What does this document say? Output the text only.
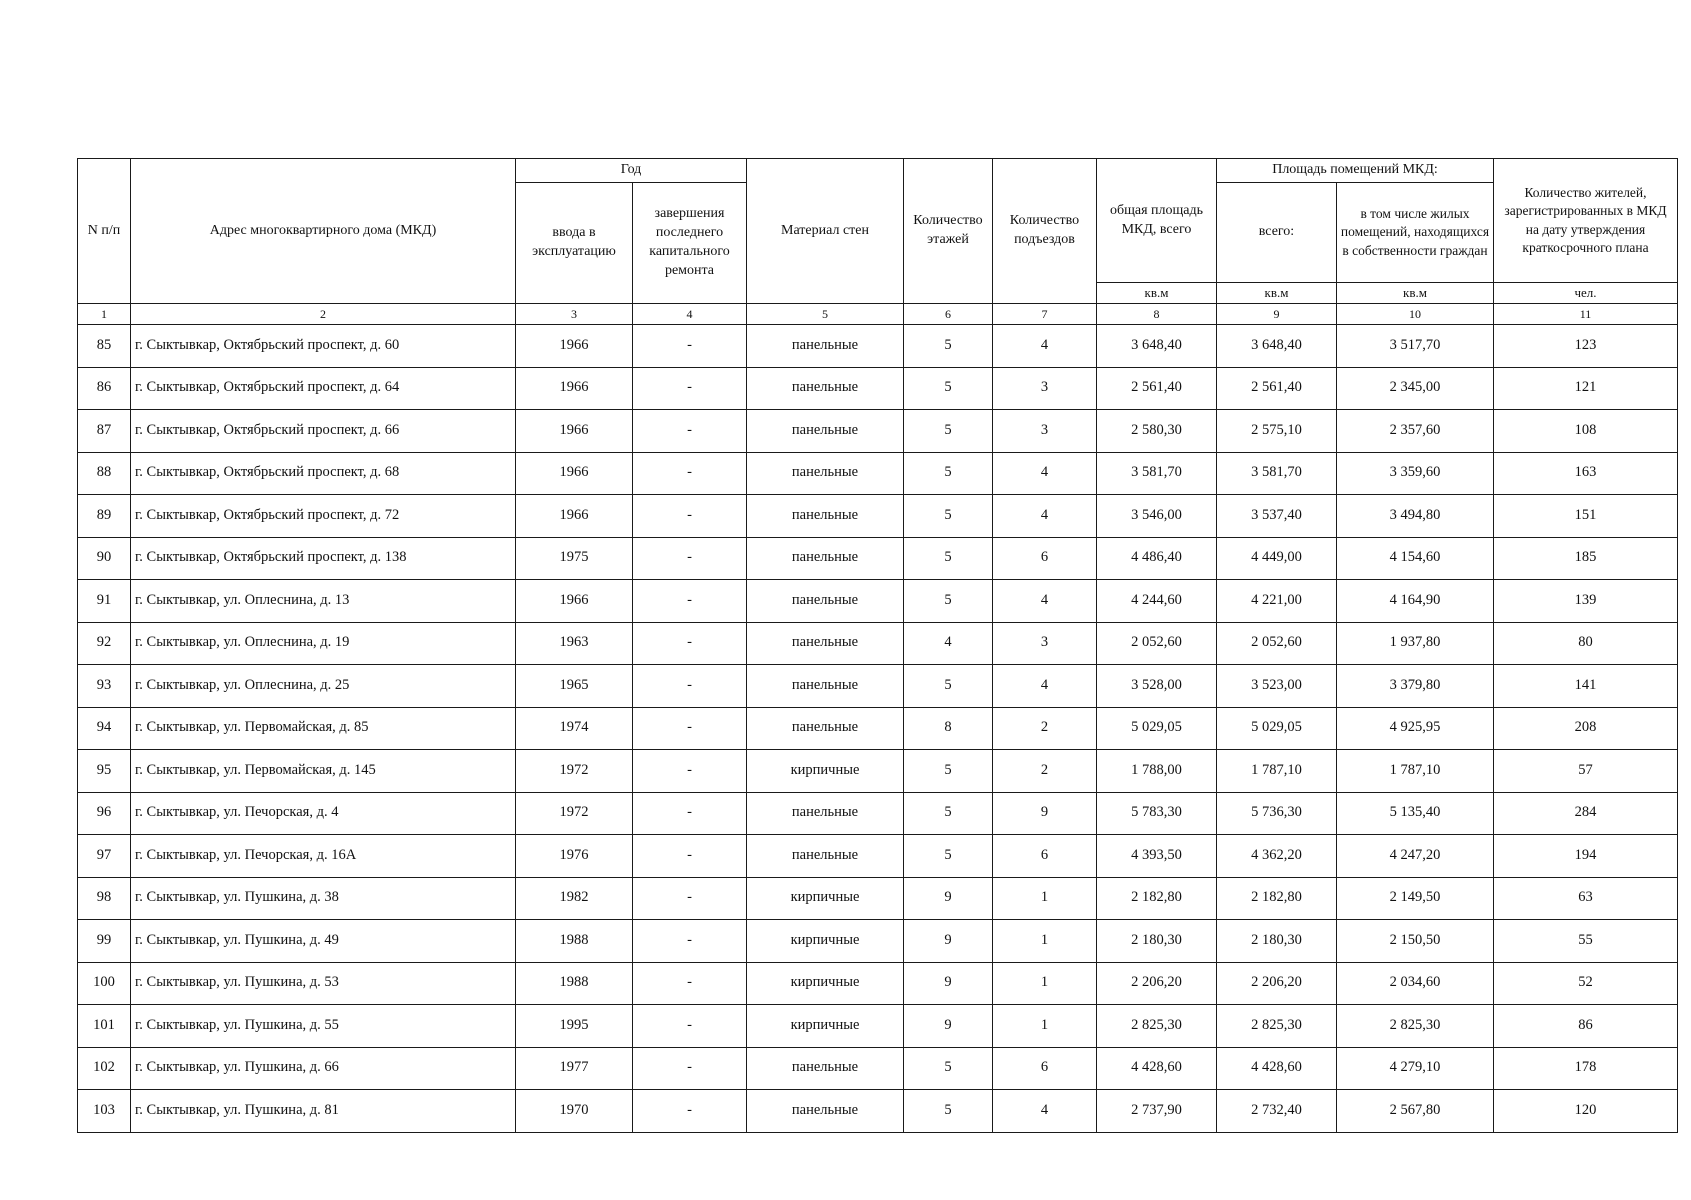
N п/п	Адрес многоквартирного дома (МКД)	Год		Материал стен	Количество этажей	Количество подъездов	общая площадь МКД, всего	Площадь помещений МКД:		Количество жителей, зарегистрированных в МКД на дату утверждения краткосрочного плана
		ввода в эксплуатацию	завершения последнего капитального ремонта					всего:	в том числе жилых помещений, находящихся в собственности граждан	
							кв.м	кв.м	кв.м	чел.
1	2	3	4	5	6	7	8	9	10	11
85	г. Сыктывкар, Октябрьский проспект, д. 60	1966	-	панельные	5	4	3 648,40	3 648,40	3 517,70	123
86	г. Сыктывкар, Октябрьский проспект, д. 64	1966	-	панельные	5	3	2 561,40	2 561,40	2 345,00	121
87	г. Сыктывкар, Октябрьский проспект, д. 66	1966	-	панельные	5	3	2 580,30	2 575,10	2 357,60	108
88	г. Сыктывкар, Октябрьский проспект, д. 68	1966	-	панельные	5	4	3 581,70	3 581,70	3 359,60	163
89	г. Сыктывкар, Октябрьский проспект, д. 72	1966	-	панельные	5	4	3 546,00	3 537,40	3 494,80	151
90	г. Сыктывкар, Октябрьский проспект, д. 138	1975	-	панельные	5	6	4 486,40	4 449,00	4 154,60	185
91	г. Сыктывкар, ул. Оплеснина, д. 13	1966	-	панельные	5	4	4 244,60	4 221,00	4 164,90	139
92	г. Сыктывкар, ул. Оплеснина, д. 19	1963	-	панельные	4	3	2 052,60	2 052,60	1 937,80	80
93	г. Сыктывкар, ул. Оплеснина, д. 25	1965	-	панельные	5	4	3 528,00	3 523,00	3 379,80	141
94	г. Сыктывкар, ул. Первомайская, д. 85	1974	-	панельные	8	2	5 029,05	5 029,05	4 925,95	208
95	г. Сыктывкар, ул. Первомайская, д. 145	1972	-	кирпичные	5	2	1 788,00	1 787,10	1 787,10	57
96	г. Сыктывкар, ул. Печорская, д. 4	1972	-	панельные	5	9	5 783,30	5 736,30	5 135,40	284
97	г. Сыктывкар, ул. Печорская, д. 16А	1976	-	панельные	5	6	4 393,50	4 362,20	4 247,20	194
98	г. Сыктывкар, ул. Пушкина, д. 38	1982	-	кирпичные	9	1	2 182,80	2 182,80	2 149,50	63
99	г. Сыктывкар, ул. Пушкина, д. 49	1988	-	кирпичные	9	1	2 180,30	2 180,30	2 150,50	55
100	г. Сыктывкар, ул. Пушкина, д. 53	1988	-	кирпичные	9	1	2 206,20	2 206,20	2 034,60	52
101	г. Сыктывкар, ул. Пушкина, д. 55	1995	-	кирпичные	9	1	2 825,30	2 825,30	2 825,30	86
102	г. Сыктывкар, ул. Пушкина, д. 66	1977	-	панельные	5	6	4 428,60	4 428,60	4 279,10	178
103	г. Сыктывкар, ул. Пушкина, д. 81	1970	-	панельные	5	4	2 737,90	2 732,40	2 567,80	120
